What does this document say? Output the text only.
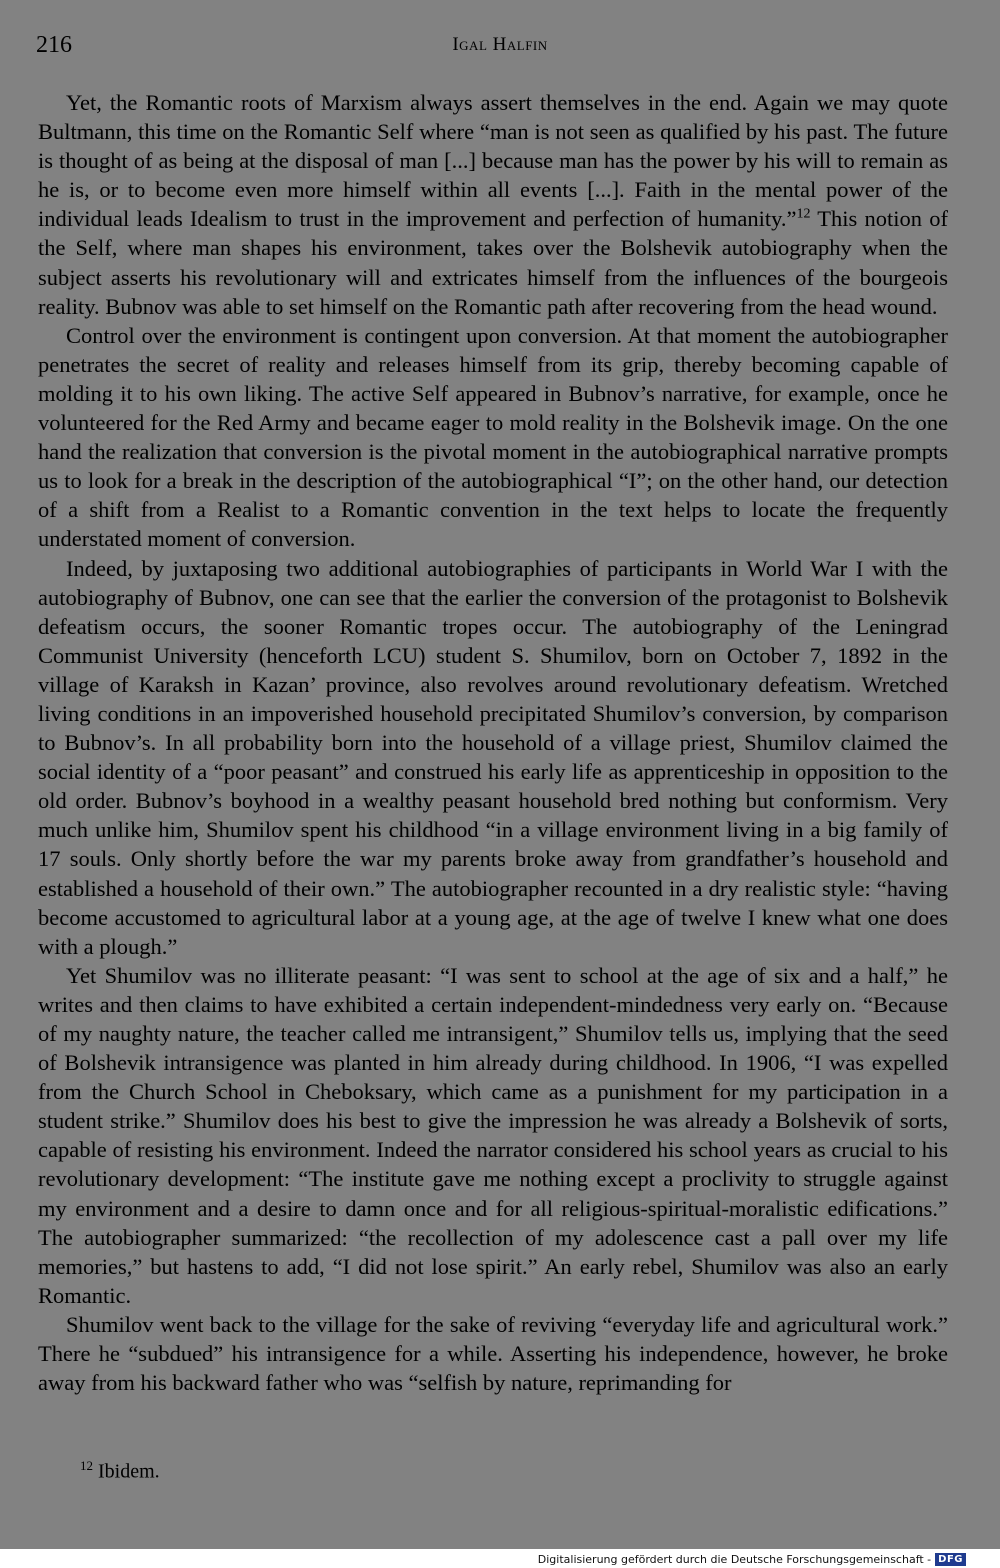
216	Igal Halfin

Yet, the Romantic roots of Marxism always assert themselves in the end. Again we may quote Bultmann, this time on the Romantic Self where “man is not seen as qualified by his past. The future is thought of as being at the disposal of man [...] because man has the power by his will to remain as he is, or to become even more himself within all events [...]. Faith in the mental power of the individual leads Idealism to trust in the improvement and perfection of humanity.”$^{12}$ This notion of the Self, where man shapes his environment, takes over the Bolshevik autobiography when the subject asserts his revolutionary will and extricates himself from the influences of the bourgeois reality. Bubnov was able to set himself on the Romantic path after recovering from the head wound.

Control over the environment is contingent upon conversion. At that moment the autobiographer penetrates the secret of reality and releases himself from its grip, thereby becoming capable of molding it to his own liking. The active Self appeared in Bubnov’s narrative, for example, once he volunteered for the Red Army and became eager to mold reality in the Bolshevik image. On the one hand the realization that conversion is the pivotal moment in the autobiographical narrative prompts us to look for a break in the description of the autobiographical “I”; on the other hand, our detection of a shift from a Realist to a Romantic convention in the text helps to locate the frequently understated moment of conversion.

Indeed, by juxtaposing two additional autobiographies of participants in World War I with the autobiography of Bubnov, one can see that the earlier the conversion of the protagonist to Bolshevik defeatism occurs, the sooner Romantic tropes occur. The autobiography of the Leningrad Communist University (henceforth LCU) student S. Shumilov, born on October 7, 1892 in the village of Karaksh in Kazan’ province, also revolves around revolutionary defeatism. Wretched living conditions in an impoverished household precipitated Shumilov’s conversion, by comparison to Bubnov’s. In all probability born into the household of a village priest, Shumilov claimed the social identity of a “poor peasant” and construed his early life as apprenticeship in opposition to the old order. Bubnov’s boyhood in a wealthy peasant household bred nothing but conformism. Very much unlike him, Shumilov spent his childhood “in a village environment living in a big family of 17 souls. Only shortly before the war my parents broke away from grandfather’s household and established a household of their own.” The autobiographer recounted in a dry realistic style: “having become accustomed to agricultural labor at a young age, at the age of twelve I knew what one does with a plough.”

Yet Shumilov was no illiterate peasant: “I was sent to school at the age of six and a half,” he writes and then claims to have exhibited a certain independent-mindedness very early on. “Because of my naughty nature, the teacher called me intransigent,” Shumilov tells us, implying that the seed of Bolshevik intransigence was planted in him already during childhood. In 1906, “I was expelled from the Church School in Cheboksary, which came as a punishment for my participation in a student strike.” Shumilov does his best to give the impression he was already a Bolshevik of sorts, capable of resisting his environment. Indeed the narrator considered his school years as crucial to his revolutionary development: “The institute gave me nothing except a proclivity to struggle against my environment and a desire to damn once and for all religious-spiritual-moralistic edifications.” The autobiographer summarized: “the recollection of my adolescence cast a pall over my life memories,” but hastens to add, “I did not lose spirit.” An early rebel, Shumilov was also an early Romantic.

Shumilov went back to the village for the sake of reviving “everyday life and agricultural work.” There he “subdued” his intransigence for a while. Asserting his independence, however, he broke away from his backward father who was “selfish by nature, reprimanding for

$^{12}$ Ibidem.
Digitalisierung gefördert durch die Deutsche Forschungsgemeinschaft - DFG
